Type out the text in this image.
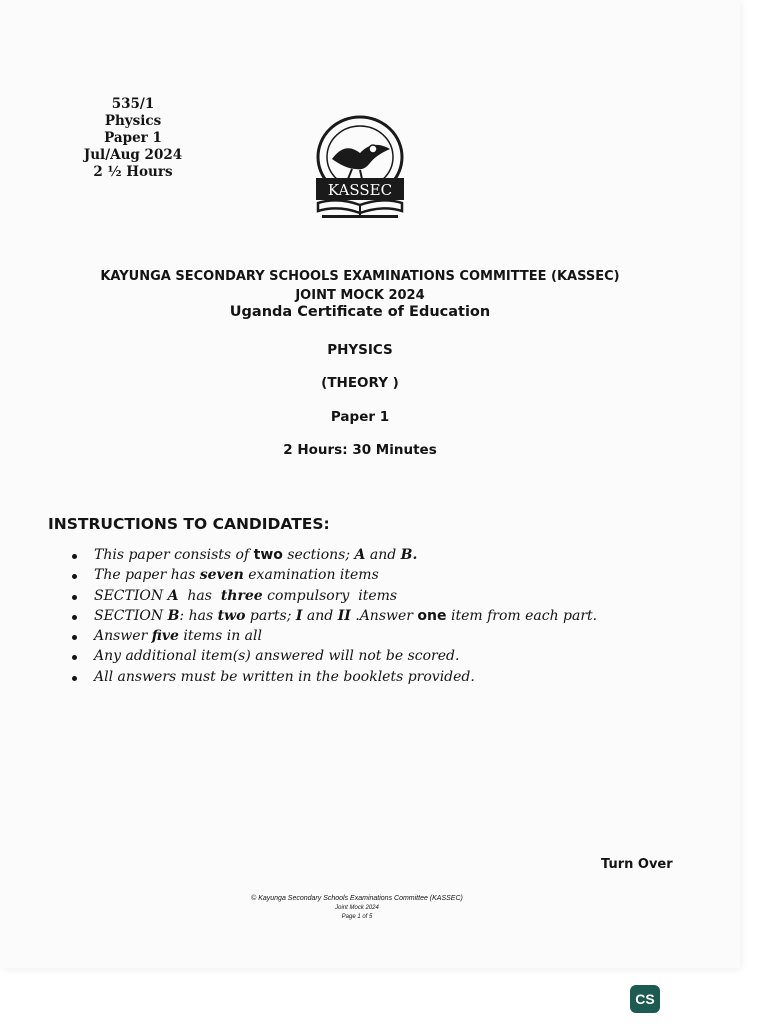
535/1
Physics
Paper 1
Jul/Aug 2024
2 ½ Hours
KASSEC
KAYUNGA SECONDARY SCHOOLS EXAMINATIONS COMMITTEE (KASSEC)
JOINT MOCK 2024
Uganda Certificate of Education
PHYSICS
(THEORY )
Paper 1
2 Hours: 30 Minutes
INSTRUCTIONS TO CANDIDATES:
This paper consists of two sections; A and B.
The paper has seven examination items
SECTION A  has  three compulsory  items
SECTION B: has two parts; I and II .Answer one item from each part.
Answer five items in all
Any additional item(s) answered will not be scored.
All answers must be written in the booklets provided.
Turn Over
© Kayunga Secondary Schools Examinations Committee (KASSEC)
Joint Mock 2024
Page 1 of 5
CS
